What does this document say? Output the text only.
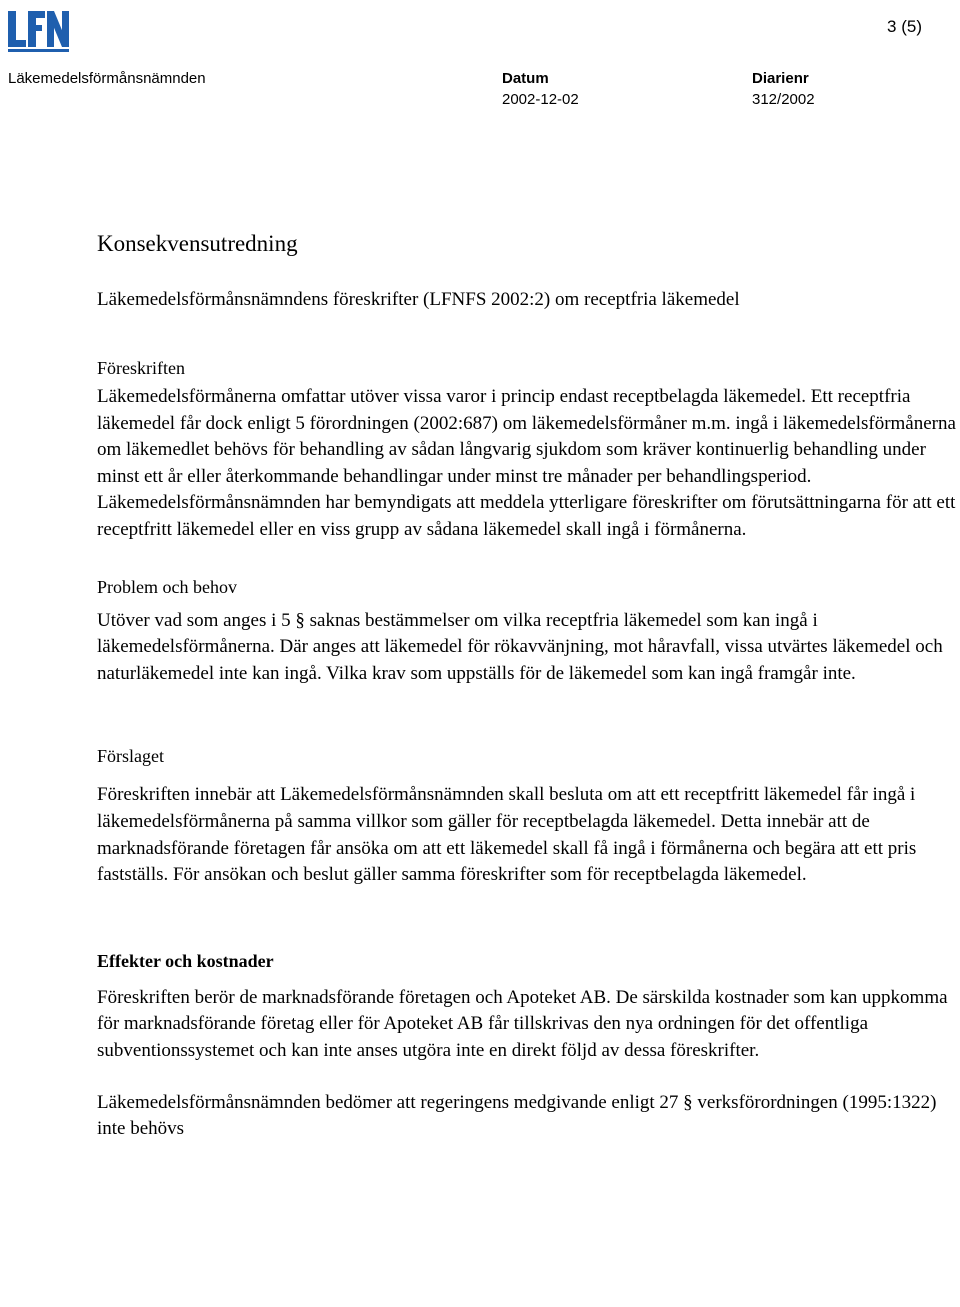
3 (5)
Läkemedelsförmånsnämnden	Datum	Diarienr
2002-12-02	312/2002
Konsekvensutredning
Läkemedelsförmånsnämndens föreskrifter (LFNFS 2002:2) om receptfria läkemedel
Föreskriften

Läkemedelsförmånerna omfattar utöver vissa varor i princip endast receptbelagda läkemedel. Ett receptfria läkemedel får dock enligt 5 förordningen (2002:687) om läkemedelsförmåner m.m. ingå i läkemedelsförmånerna om läkemedlet behövs för behandling av sådan långvarig sjukdom som kräver kontinuerlig behandling under minst ett år eller återkommande behandlingar under minst tre månader per behandlingsperiod. Läkemedelsförmånsnämnden har bemyndigats att meddela ytterligare föreskrifter om förutsättningarna för att ett receptfritt läkemedel eller en viss grupp av sådana läkemedel skall ingå i förmånerna.

Problem och behov

Utöver vad som anges i 5 § saknas bestämmelser om vilka receptfria läkemedel som kan ingå i läkemedelsförmånerna. Där anges att läkemedel för rökavvänjning, mot håravfall, vissa utvärtes läkemedel och naturläkemedel inte kan ingå. Vilka krav som uppställs för de läkemedel som kan ingå framgår inte.

Förslaget

Föreskriften innebär att Läkemedelsförmånsnämnden skall besluta om att ett receptfritt läkemedel får ingå i läkemedelsförmånerna på samma villkor som gäller för receptbelagda läkemedel. Detta innebär att de marknadsförande företagen får ansöka om att ett läkemedel skall få ingå i förmånerna och begära att ett pris fastställs. För ansökan och beslut gäller samma föreskrifter som för receptbelagda läkemedel.

Effekter och kostnader

Föreskriften berör de marknadsförande företagen och Apoteket AB. De särskilda kostnader som kan uppkomma för marknadsförande företag eller för Apoteket AB får tillskrivas den nya ordningen för det offentliga subventionssystemet och kan inte anses utgöra inte en direkt följd av dessa föreskrifter.

Läkemedelsförmånsnämnden bedömer att regeringens medgivande enligt 27 § verksförordningen (1995:1322) inte behövs
